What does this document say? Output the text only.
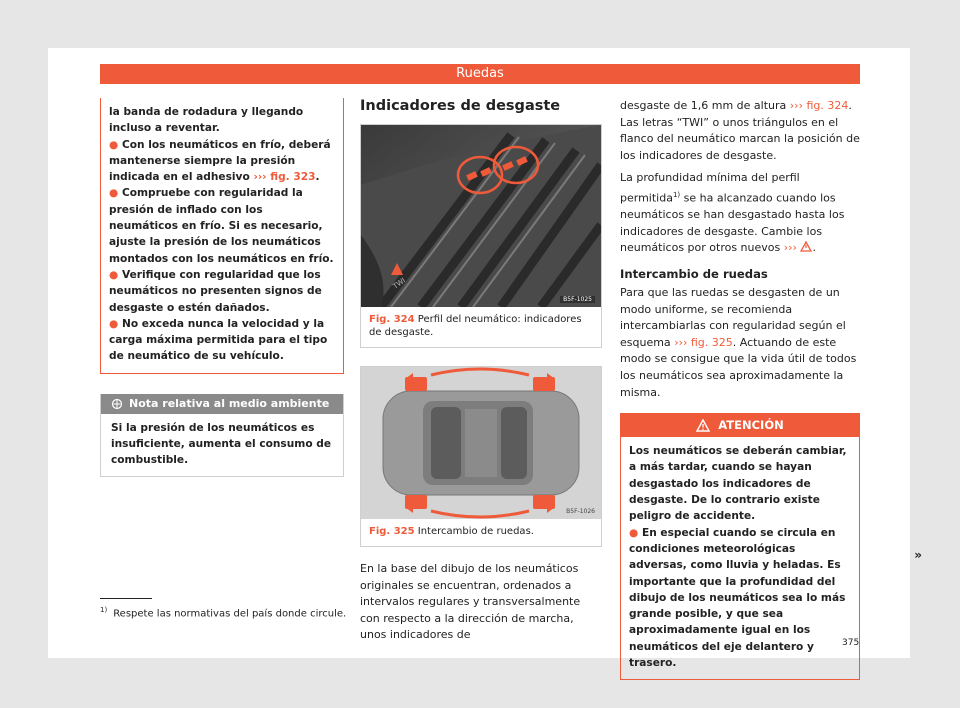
Ruedas

la banda de rodadura y llegando incluso a reventar.

● Con los neumáticos en frío, deberá mantenerse siempre la presión indicada en el adhesivo ››› fig. 323.

● Compruebe con regularidad la presión de inflado con los neumáticos en frío. Si es necesario, ajuste la presión de los neumáticos montados con los neumáticos en frío.

● Verifique con regularidad que los neumáticos no presenten signos de desgaste o estén dañados.

● No exceda nunca la velocidad y la carga máxima permitida para el tipo de neumático de su vehículo.

Nota relativa al medio ambiente
Si la presión de los neumáticos es insuficiente, aumenta el consumo de combustible.
Indicadores de desgaste
TWI
B5F-1025
Fig. 324 Perfil del neumático: indicadores de desgaste.
B5F-1026
Fig. 325 Intercambio de ruedas.

En la base del dibujo de los neumáticos originales se encuentran, ordenados a intervalos regulares y transversalmente con respecto a la dirección de marcha, unos indicadores de

desgaste de 1,6 mm de altura ››› fig. 324. Las letras “TWI” o unos triángulos en el flanco del neumático marcan la posición de los indicadores de desgaste.

La profundidad mínima del perfil permitida$^{1)}$ se ha alcanzado cuando los neumáticos se han desgastado hasta los indicadores de desgaste. Cambie los neumáticos por otros nuevos ››› .

Intercambio de ruedas

Para que las ruedas se desgasten de un modo uniforme, se recomienda intercambiarlas con regularidad según el esquema ››› fig. 325. Actuando de este modo se consigue que la vida útil de todos los neumáticos sea aproximadamente la misma.

ATENCIÓN

Los neumáticos se deberán cambiar, a más tardar, cuando se hayan desgastado los indicadores de desgaste. De lo contrario existe peligro de accidente.

● En especial cuando se circula en condiciones meteorológicas adversas, como lluvia y heladas. Es importante que la profundidad del dibujo de los neumáticos sea lo más grande posible, y que sea aproximadamente igual en los neumáticos del eje delantero y trasero.

»
$^{1)}$ Respete las normativas del país donde circule.
375
